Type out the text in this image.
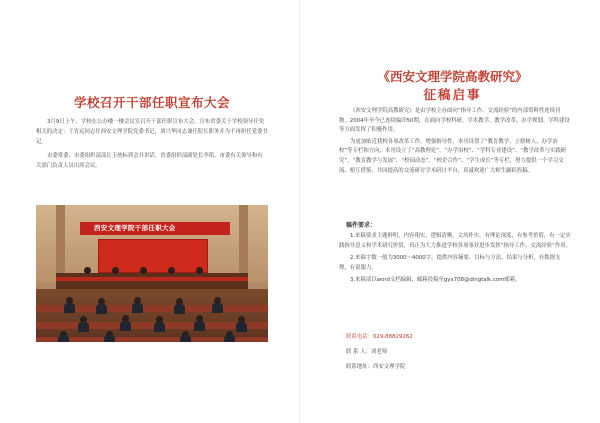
学校召开干部任职宣布大会

3月9日上午，学校在公办楼一楼会议室召开干部任职宣布大会，宣布省委关于学校领导任免相关的决定：王宵远同志任西安文理学院党委书记，刘兴华同志兼任院长职务并为不再担任党委书记。

市委常委、市委组织部部长王统标到会并讲话，省委组织部副处长李凯、市委有关领导和有关部门负责人员出席会议。

西安文理学院干部任职大会
《西安文理学院高教研究》
征稿启事

《西安文理学院高教研究》是由学校主办面向“指导工作、交流经验”的内部资料性连续刊物，2004年至今已连续编印50期，在面向学校科研、学术教学、教学改革、办学规划、学科建设等方面发挥了积极作用。

为更加贴近我校各项改革工作，增强指导性，本刊设置了“教育教学、立德树人、办学治校”等专栏和方向，本刊设立了“高教理论”、“办学治校”、“学科专业建设”、“教学改革与实践研究”、“教育教学与发展”、“校园动态”、“校企合作”、“学生成长”等专栏，努力提供一个学习交流、相互借鉴、共同提高的交流研讨学术研讨平台，真诚欢迎广大师生踊跃投稿。

稿件要求：

1.来稿要求主题鲜明，内容翔实，逻辑清晰，文风朴实，有理论深度，有参考价值，有一定实践指导意义和学术研究价值，真正为大力推进学校各项事业进步发挥“指导工作、交流经验”作用。

2.来稿字数一般为3000～4000字，提供内容摘要、目标与方法、结果与分析，有数据支撑，有说服力。

3.来稿请以word文档编辑，邮箱投稿至gyx708@dingtalk.com邮箱。

联系电话：029-88829262
联 系 人：刘老师
联系地址：西安文理学院
